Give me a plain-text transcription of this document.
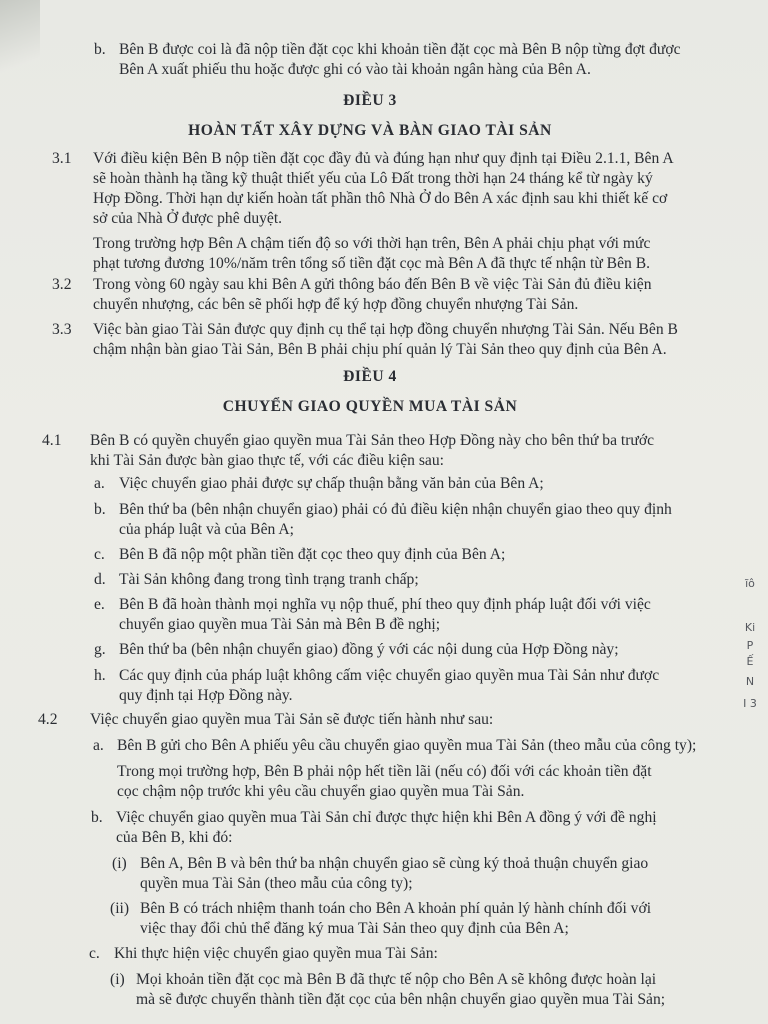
b. Bên B được coi là đã nộp tiền đặt cọc khi khoản tiền đặt cọc mà Bên B nộp từng đợt được
Bên A xuất phiếu thu hoặc được ghi có vào tài khoản ngân hàng của Bên A.
ĐIỀU 3
HOÀN TẤT XÂY DỰNG VÀ BÀN GIAO TÀI SẢN
3.1 Với điều kiện Bên B nộp tiền đặt cọc đầy đủ và đúng hạn như quy định tại Điều 2.1.1, Bên A
sẽ hoàn thành hạ tầng kỹ thuật thiết yếu của Lô Đất trong thời hạn 24 tháng kể từ ngày ký
Hợp Đồng. Thời hạn dự kiến hoàn tất phần thô Nhà Ở do Bên A xác định sau khi thiết kế cơ
sở của Nhà Ở được phê duyệt.
Trong trường hợp Bên A chậm tiến độ so với thời hạn trên, Bên A phải chịu phạt với mức
phạt tương đương 10%/năm trên tổng số tiền đặt cọc mà Bên A đã thực tế nhận từ Bên B.
3.2 Trong vòng 60 ngày sau khi Bên A gửi thông báo đến Bên B về việc Tài Sản đủ điều kiện
chuyển nhượng, các bên sẽ phối hợp để ký hợp đồng chuyển nhượng Tài Sản.
3.3 Việc bàn giao Tài Sản được quy định cụ thể tại hợp đồng chuyển nhượng Tài Sản. Nếu Bên B
chậm nhận bàn giao Tài Sản, Bên B phải chịu phí quản lý Tài Sản theo quy định của Bên A.
ĐIỀU 4
CHUYỂN GIAO QUYỀN MUA TÀI SẢN
4.1 Bên B có quyền chuyển giao quyền mua Tài Sản theo Hợp Đồng này cho bên thứ ba trước
khi Tài Sản được bàn giao thực tế, với các điều kiện sau:
a. Việc chuyển giao phải được sự chấp thuận bằng văn bản của Bên A;
b. Bên thứ ba (bên nhận chuyển giao) phải có đủ điều kiện nhận chuyển giao theo quy định
của pháp luật và của Bên A;
c. Bên B đã nộp một phần tiền đặt cọc theo quy định của Bên A;
d. Tài Sản không đang trong tình trạng tranh chấp;
e. Bên B đã hoàn thành mọi nghĩa vụ nộp thuế, phí theo quy định pháp luật đối với việc
chuyển giao quyền mua Tài Sản mà Bên B đề nghị;
g. Bên thứ ba (bên nhận chuyển giao) đồng ý với các nội dung của Hợp Đồng này;
h. Các quy định của pháp luật không cấm việc chuyển giao quyền mua Tài Sản như được
quy định tại Hợp Đồng này.
4.2 Việc chuyển giao quyền mua Tài Sản sẽ được tiến hành như sau:
a. Bên B gửi cho Bên A phiếu yêu cầu chuyển giao quyền mua Tài Sản (theo mẫu của công ty);
Trong mọi trường hợp, Bên B phải nộp hết tiền lãi (nếu có) đối với các khoản tiền đặt
cọc chậm nộp trước khi yêu cầu chuyển giao quyền mua Tài Sản.
b. Việc chuyển giao quyền mua Tài Sản chỉ được thực hiện khi Bên A đồng ý với đề nghị
của Bên B, khi đó:
(i) Bên A, Bên B và bên thứ ba nhận chuyển giao sẽ cùng ký thoả thuận chuyển giao
quyền mua Tài Sản (theo mẫu của công ty);
(ii) Bên B có trách nhiệm thanh toán cho Bên A khoản phí quản lý hành chính đối với
việc thay đổi chủ thể đăng ký mua Tài Sản theo quy định của Bên A;
c. Khi thực hiện việc chuyển giao quyền mua Tài Sản:
(i) Mọi khoản tiền đặt cọc mà Bên B đã thực tế nộp cho Bên A sẽ không được hoàn lại
mà sẽ được chuyển thành tiền đặt cọc của bên nhận chuyển giao quyền mua Tài Sản;
ĩô
Ki
P
Ế
N
I 3
